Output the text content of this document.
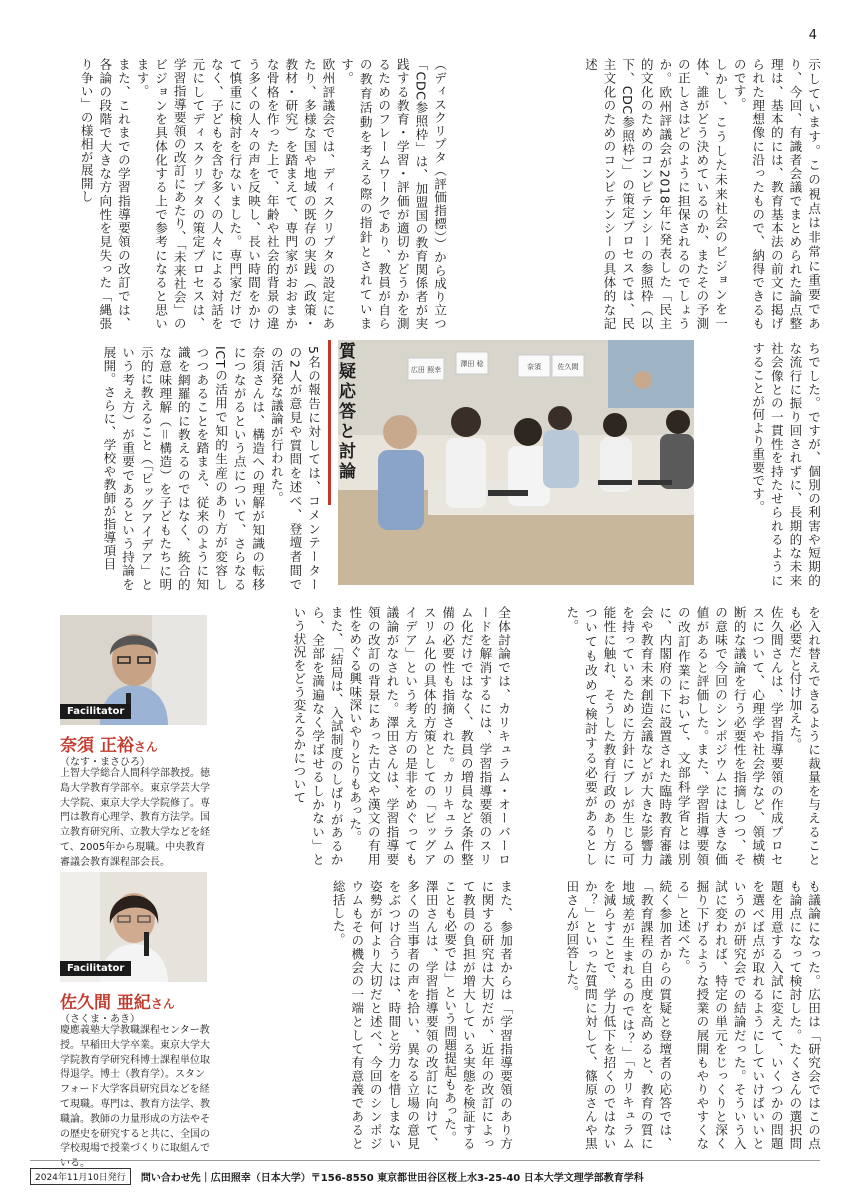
4
示しています。この視点は非常に重要であり、今回、有識者会議でまとめられた論点整理は、基本的には、教育基本法の前文に掲げられた理想像に沿ったもので、納得できるものです。
しかし、こうした未来社会のビジョンを一体、誰がどう決めているのか、またその予測の正しさはどのように担保されるのでしょうか。欧州評議会が2018年に発表した「民主的文化のためのコンピテンシーの参照枠（以下、CDC参照枠）」の策定プロセスでは、民主文化のためのコンピテンシーの具体的な記述
（ディスクリプタ（評価指標））から成り立つ「CDC参照枠」は、加盟国の教育関係者が実践する教育・学習・評価が適切かどうかを測るためのフレームワークであり、教員が自らの教育活動を考える際の指針とされています。
欧州評議会では、ディスクリプタの設定にあたり、多様な国や地域の既存の実践（政策・教材・研究）を踏まえて、専門家がおおまかな骨格を作った上で、年齢や社会的背景の違う多くの人々の声を反映し、長い時間をかけて慎重に検討を行ないました。専門家だけでなく、子どもを含む多くの人々による対話を元にしてディスクリプタの策定プロセスは、学習指導要領の改訂にあたり、「未来社会」のビジョンを具体化する上で参考になると思います。
また、これまでの学習指導要領の改訂では、各論の段階で大きな方向性を見失った「縄張り争い」の様相が展開し
ちでした。ですが、個別の利害や短期的な流行に振り回されずに、長期的な未来社会像との一貫性を持たせられるようにすることが何より重要です。
広田 照幸
澤田 稔	奈須 佐久間
質疑応答と討論
5名の報告に対しては、コメンテーターの2人が意見や質問を述べ、登壇者間での活発な議論が行われた。
奈須さんは、構造への理解が知識の転移につながるという点について、さらなるICTの活用で知的生産のあり方が変容しつつあることを踏まえ、従来のように知識を網羅的に教えるのではなく、統合的な意味理解（＝構造）を子どもたちに明示的に教えること（「ビッグアイデア」という考え方）が重要であるという持論を展開。さらに、学校や教師が指導項目
を入れ替えできるように裁量を与えることも必要だと付け加えた。
佐久間さんは、学習指導要領の作成プロセスについて、心理学や社会学など、領域横断的な議論を行う必要性を指摘しつつ、その意味で今回のシンポジウムには大きな価値があると評価した。また、学習指導要領の改訂作業において、文部科学省とは別に、内閣府の下に設置された臨時教育審議会や教育未来創造会議などが大きな影響力を持っているために方針にブレが生じる可能性に触れ、そうした教育行政のあり方についても改めて検討する必要があるとした。
全体討論では、カリキュラム・オーバーロードを解消するには、学習指導要領のスリム化だけではなく、教員の増員など条件整備の必要性も指摘された。カリキュラムのスリム化の具体的方策としての「ビッグアイデア」という考え方の是非をめぐっても議論がなされた。澤田さんは、学習指導要領の改訂の背景にあった古文や漢文の有用性をめぐる興味深いやりとりもあった。
また、「結局は、入試制度のしばりがあるから、全部を満遍なく学ばせるしかない」という状況をどう変えるかについて
も議論になった。広田は「研究会ではこの点も論点になって検討した。たくさんの選択問題を用意する入試に変えて、いくつかの問題を選べば点が取れるようにしていけばいいというのが研究会での結論だった。そういう入試に変われば、特定の単元をじっくりと深く掘り下げるような授業の展開もやりやすくなる」と述べた。
続く参加者からの質疑と登壇者の応答では、「教育課程の自由度を高めると、教育の質に地域差が生まれるのでは？」「カリキュラムを減らすことで、学力低下を招くのではないか？」といった質問に対して、篠原さんや黒田さんが回答した。
また、参加者からは「学習指導要領のあり方に関する研究は大切だが、近年の改訂によって教員の負担が増大している実態を検証することも必要では」という問題提起もあった。
澤田さんは、学習指導要領の改訂に向けて、多くの当事者の声を拾い、異なる立場の意見をぶつけ合うには、時間と労力を惜しまない姿勢が何より大切だと述べ、今回のシンポジウムもその機会の一端として有意義であると総括した。
Facilitator
奈須 正裕さん
（なす・まさひろ）
上智大学総合人間科学部教授。徳島大学教育学部卒。東京学芸大学大学院、東京大学大学院修了。専門は教育心理学、教育方法学。国立教育研究所、立教大学などを経て、2005年から現職。中央教育審議会教育課程部会長。
Facilitator
佐久間 亜紀さん
（さくま・あき）
慶應義塾大学教職課程センター教授。早稲田大学卒業。東京大学大学院教育学研究科博士課程単位取得退学。博士（教育学）。スタンフォード大学客員研究員などを経て現職。専門は、教育方法学、教職論。教師の力量形成の方法やその歴史を研究すると共に、全国の学校現場で授業づくりに取組んでいる。
2024年11月10日発行	問い合わせ先｜広田照幸（日本大学）〒156-8550 東京都世田谷区桜上水3-25-40 日本大学文理学部教育学科
